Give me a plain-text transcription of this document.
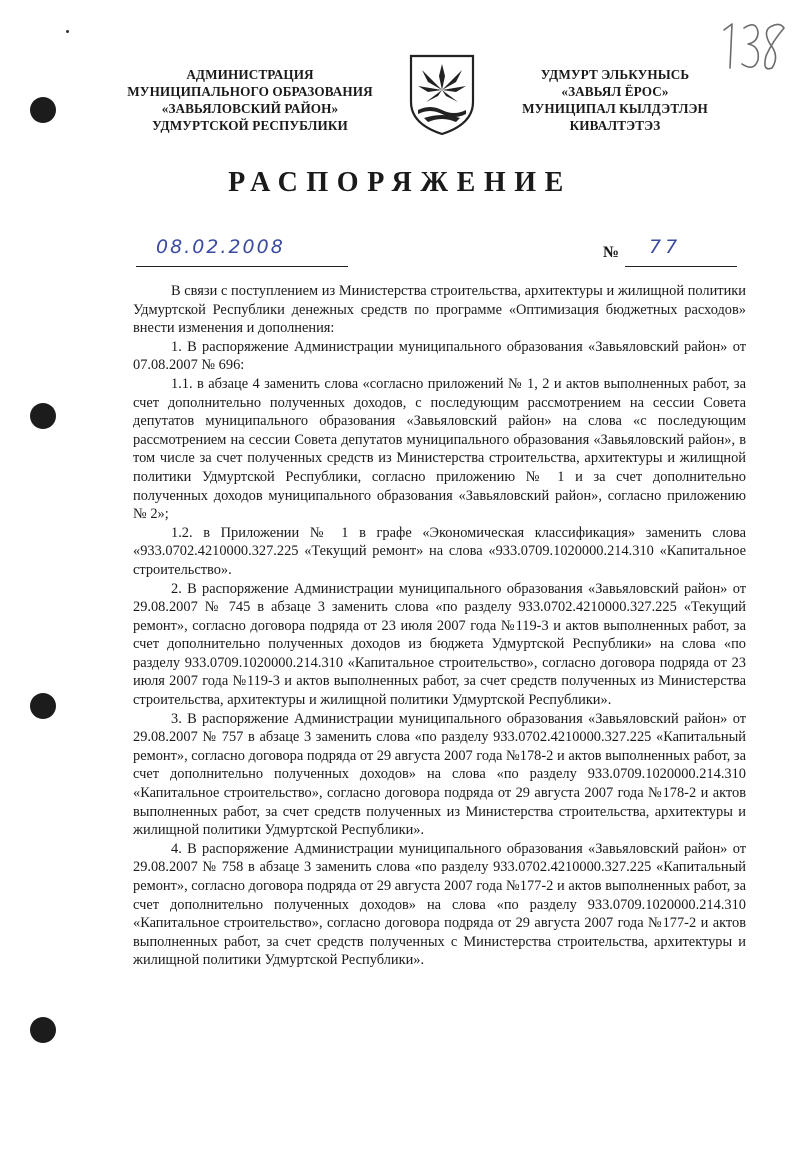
АДМИНИСТРАЦИЯ
МУНИЦИПАЛЬНОГО ОБРАЗОВАНИЯ
«ЗАВЬЯЛОВСКИЙ РАЙОН»
УДМУРТСКОЙ РЕСПУБЛИКИ
УДМУРТ ЭЛЬКУНЫСЬ
«ЗАВЬЯЛ ЁРОС»
МУНИЦИПАЛ КЫЛДЭТЛЭН
КИВАЛТЭТЭЗ
РАСПОРЯЖЕНИЕ
08.02.2008	№ 77

В связи с поступлением из Министерства строительства, архитектуры и жилищной политики Удмуртской Республики денежных средств по программе «Оптимизация бюджетных расходов» внести изменения и дополнения:

1. В распоряжение Администрации муниципального образования «Завьяловский район» от 07.08.2007 № 696:

1.1. в абзаце 4 заменить слова «согласно приложений № 1, 2 и актов выполненных работ, за счет дополнительно полученных доходов, с последующим рассмотрением на сессии Совета депутатов муниципального образования «Завьяловский район» на слова «с последующим рассмотрением на сессии Совета депутатов муниципального образования «Завьяловский район», в том числе за счет полученных средств из Министерства строительства, архитектуры и жилищной политики Удмуртской Республики, согласно приложению № 1 и за счет дополнительно полученных доходов муниципального образования «Завьяловский район», согласно приложению № 2»;

1.2. в Приложении № 1 в графе «Экономическая классификация» заменить слова «933.0702.4210000.327.225 «Текущий ремонт» на слова «933.0709.1020000.214.310 «Капитальное строительство».

2. В распоряжение Администрации муниципального образования «Завьяловский район» от 29.08.2007 № 745 в абзаце 3 заменить слова «по разделу 933.0702.4210000.327.225 «Текущий ремонт», согласно договора подряда от 23 июля 2007 года №119-3 и актов выполненных работ, за счет дополнительно полученных доходов из бюджета Удмуртской Республики» на слова «по разделу 933.0709.1020000.214.310 «Капитальное строительство», согласно договора подряда от 23 июля 2007 года №119-3 и актов выполненных работ, за счет средств полученных из Министерства строительства, архитектуры и жилищной политики Удмуртской Республики».

3. В распоряжение Администрации муниципального образования «Завьяловский район» от 29.08.2007 № 757 в абзаце 3 заменить слова «по разделу 933.0702.4210000.327.225 «Капитальный ремонт», согласно договора подряда от 29 августа 2007 года №178-2 и актов выполненных работ, за счет дополнительно полученных доходов» на слова «по разделу 933.0709.1020000.214.310 «Капитальное строительство», согласно договора подряда от 29 августа 2007 года №178-2 и актов выполненных работ, за счет средств полученных из Министерства строительства, архитектуры и жилищной политики Удмуртской Республики».

4. В распоряжение Администрации муниципального образования «Завьяловский район» от 29.08.2007 № 758 в абзаце 3 заменить слова «по разделу 933.0702.4210000.327.225 «Капитальный ремонт», согласно договора подряда от 29 августа 2007 года №177-2 и актов выполненных работ, за счет дополнительно полученных доходов» на слова «по разделу 933.0709.1020000.214.310 «Капитальное строительство», согласно договора подряда от 29 августа 2007 года №177-2 и актов выполненных работ, за счет средств полученных с Министерства строительства, архитектуры и жилищной политики Удмуртской Республики».
